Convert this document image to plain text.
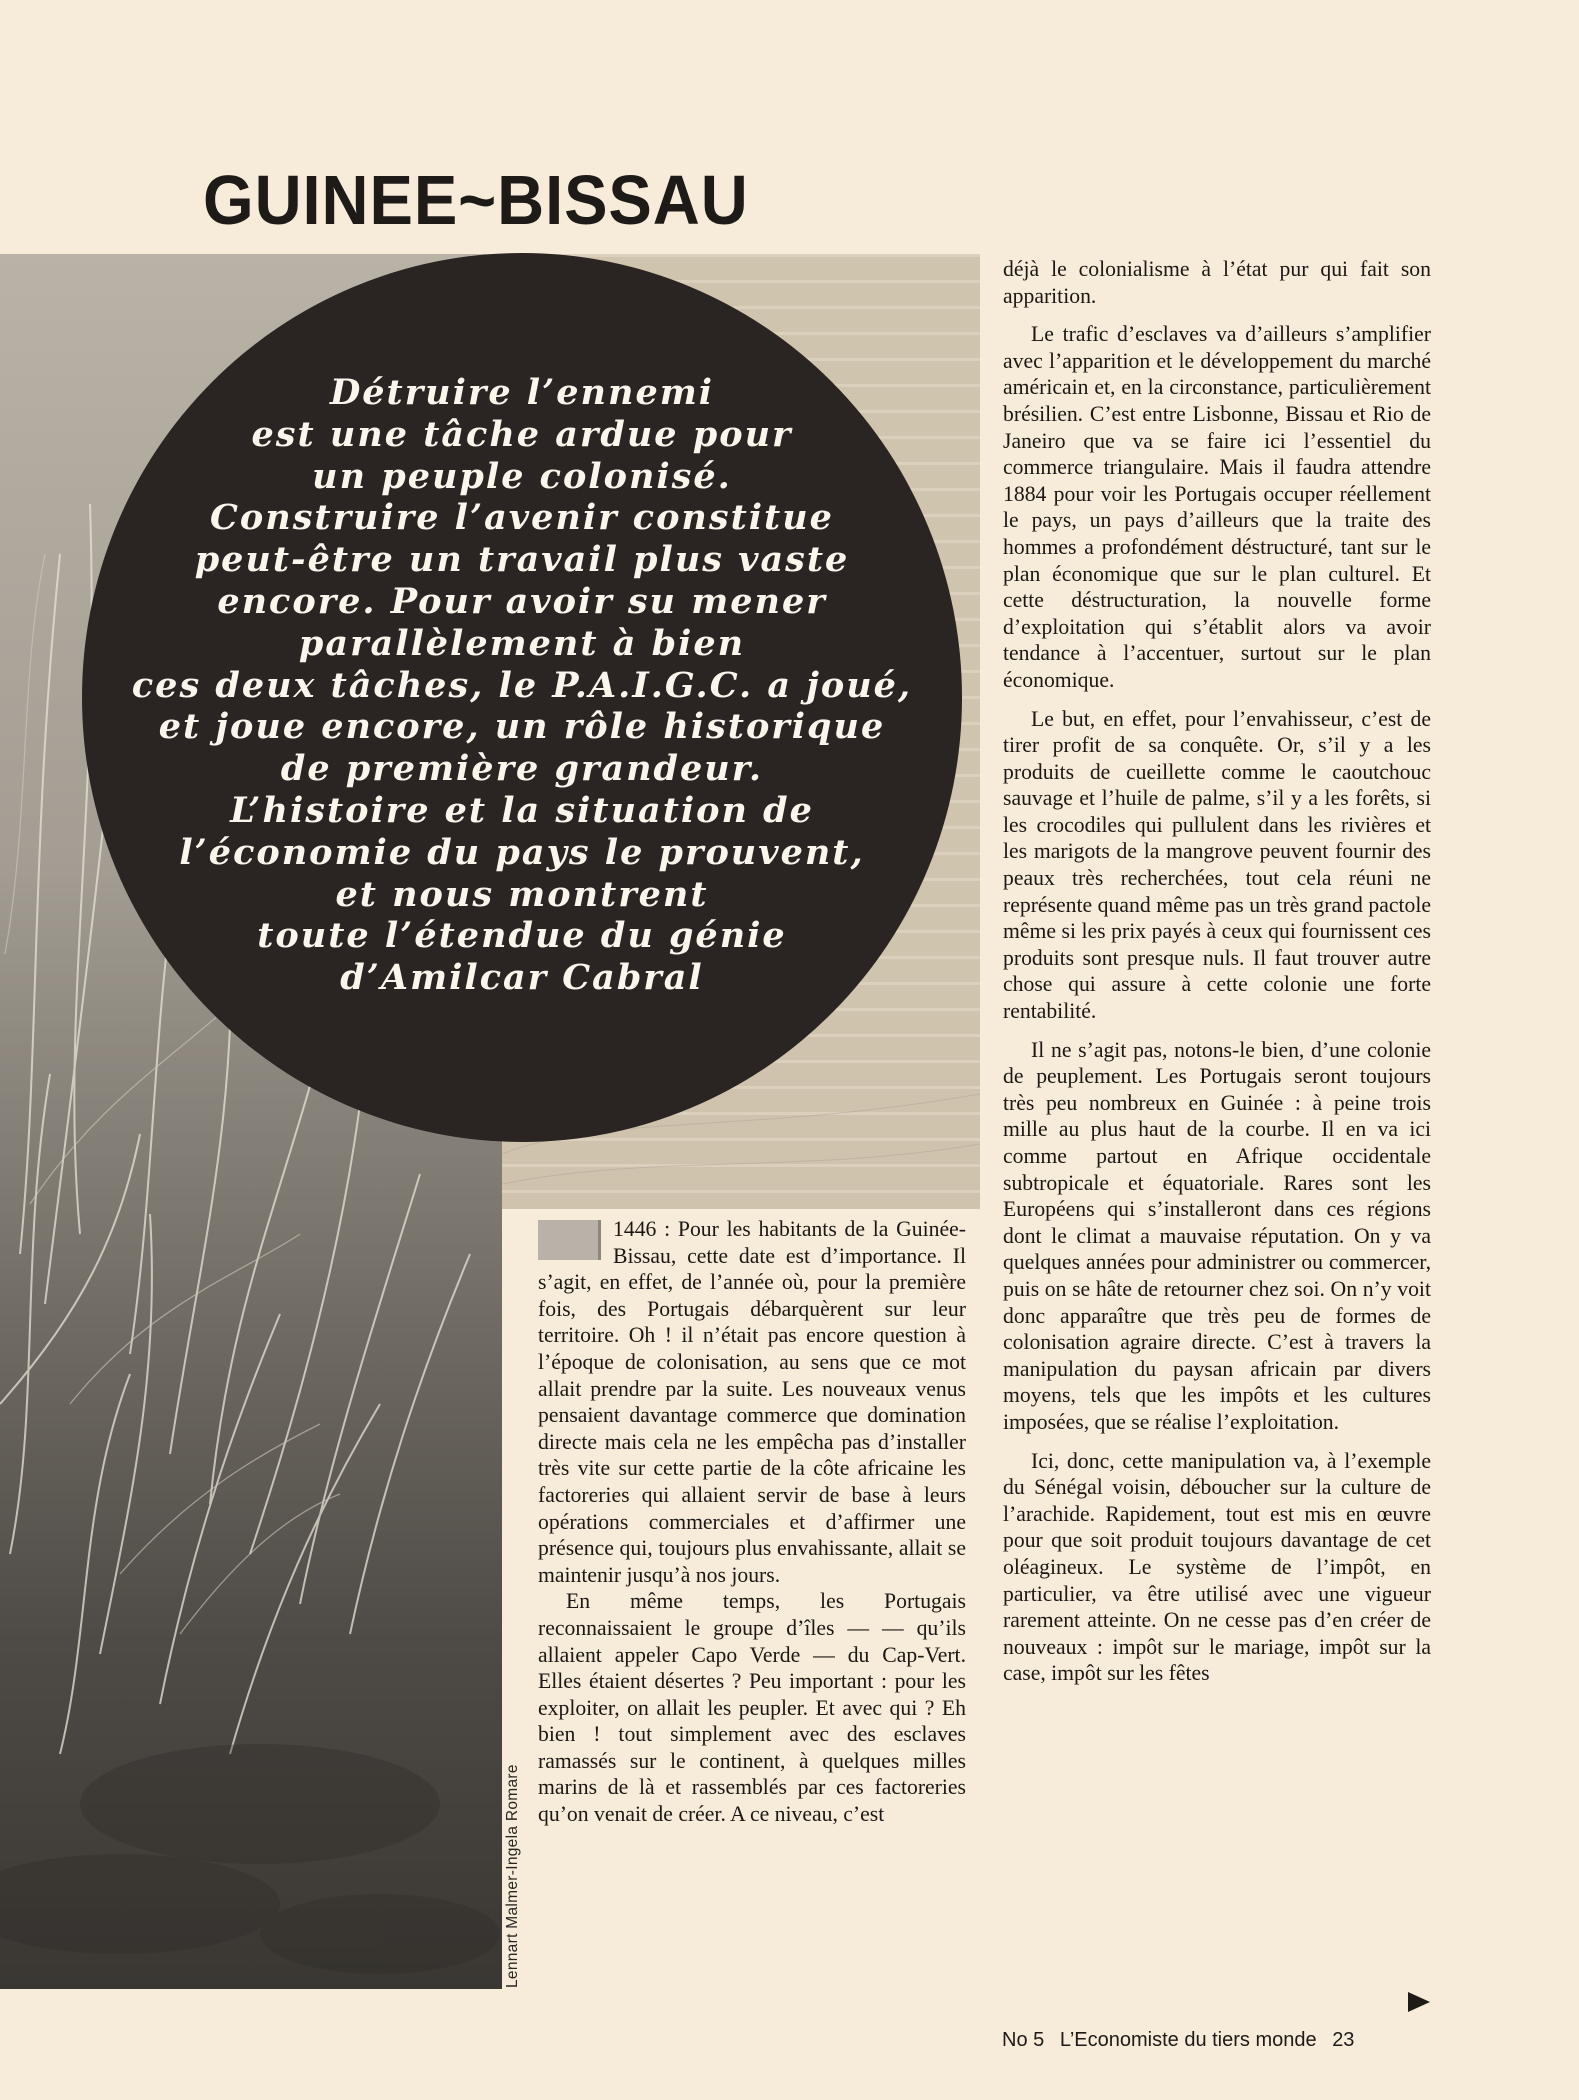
GUINEE~BISSAU
Détruire l’ennemi
est une tâche ardue pour
un peuple colonisé.
Construire l’avenir constitue
peut-être un travail plus vaste
encore. Pour avoir su mener
parallèlement à bien
ces deux tâches, le P.A.I.G.C. a joué,
et joue encore, un rôle historique
de première grandeur.
L’histoire et la situation de
l’économie du pays le prouvent,
et nous montrent
toute l’étendue du génie
d’Amilcar Cabral
Lennart Malmer-Ingela Romare

1446 : Pour les habitants de la Guinée-Bissau, cette date est d’importance. Il s’agit, en effet, de l’année où, pour la première fois, des Portugais débarquèrent sur leur territoire. Oh ! il n’était pas encore question à l’époque de colonisation, au sens que ce mot allait prendre par la suite. Les nouveaux venus pensaient davantage commerce que domination directe mais cela ne les empêcha pas d’installer très vite sur cette partie de la côte africaine les factoreries qui allaient servir de base à leurs opérations commerciales et d’affirmer une présence qui, toujours plus envahissante, allait se maintenir jusqu’à nos jours.

En même temps, les Portugais reconnaissaient le groupe d’îles — — qu’ils allaient appeler Capo Verde — du Cap-Vert. Elles étaient désertes ? Peu important : pour les exploiter, on allait les peupler. Et avec qui ? Eh bien ! tout simplement avec des esclaves ramassés sur le continent, à quelques milles marins de là et rassemblés par ces factoreries qu’on venait de créer. A ce niveau, c’est

déjà le colonialisme à l’état pur qui fait son apparition.

Le trafic d’esclaves va d’ailleurs s’amplifier avec l’apparition et le développement du marché américain et, en la circonstance, particulièrement brésilien. C’est entre Lisbonne, Bissau et Rio de Janeiro que va se faire ici l’essentiel du commerce triangulaire. Mais il faudra attendre 1884 pour voir les Portugais occuper réellement le pays, un pays d’ailleurs que la traite des hommes a profondément déstructuré, tant sur le plan économique que sur le plan culturel. Et cette déstructuration, la nouvelle forme d’exploitation qui s’établit alors va avoir tendance à l’accentuer, surtout sur le plan économique.

Le but, en effet, pour l’envahisseur, c’est de tirer profit de sa conquête. Or, s’il y a les produits de cueillette comme le caoutchouc sauvage et l’huile de palme, s’il y a les forêts, si les crocodiles qui pullulent dans les rivières et les marigots de la mangrove peuvent fournir des peaux très recherchées, tout cela réuni ne représente quand même pas un très grand pactole même si les prix payés à ceux qui fournissent ces produits sont presque nuls. Il faut trouver autre chose qui assure à cette colonie une forte rentabilité.

Il ne s’agit pas, notons-le bien, d’une colonie de peuplement. Les Portugais seront toujours très peu nombreux en Guinée : à peine trois mille au plus haut de la courbe. Il en va ici comme partout en Afrique occidentale subtropicale et équatoriale. Rares sont les Européens qui s’installeront dans ces régions dont le climat a mauvaise réputation. On y va quelques années pour administrer ou commercer, puis on se hâte de retourner chez soi. On n’y voit donc apparaître que très peu de formes de colonisation agraire directe. C’est à travers la manipulation du paysan africain par divers moyens, tels que les impôts et les cultures imposées, que se réalise l’exploitation.

Ici, donc, cette manipulation va, à l’exemple du Sénégal voisin, déboucher sur la culture de l’arachide. Rapidement, tout est mis en œuvre pour que soit produit toujours davantage de cet oléagineux. Le système de l’impôt, en particulier, va être utilisé avec une vigueur rarement atteinte. On ne cesse pas d’en créer de nouveaux : impôt sur le mariage, impôt sur la case, impôt sur les fêtes

No 5 L’Economiste du tiers monde 23
